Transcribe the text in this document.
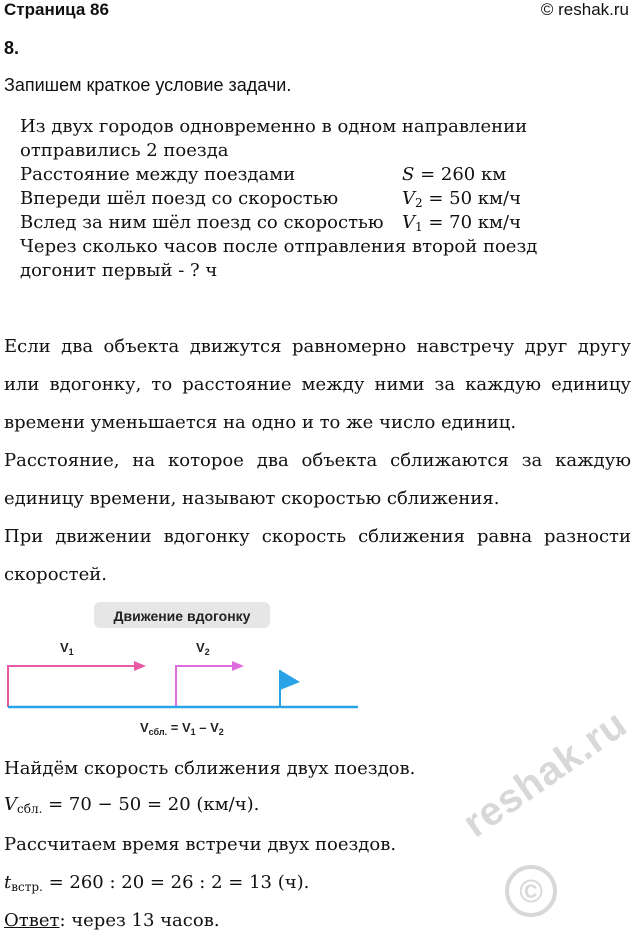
Страница 86	© reshak.ru
8.
Запишем краткое условие задачи.
Из двух городов одновременно в одном направлении
отправились 2 поезда
Расстояние между поездами	S = 260 км
Впереди шёл поезд со скоростью	$V_2 = 50$ км/ч
Вслед за ним шёл поезд со скоростью $V_1 = 70$ км/ч
Через сколько часов после отправления второй поезд
догонит первый - ? ч
Если два объекта движутся равномерно навстречу друг другу или вдогонку, то расстояние между ними за каждую единицу времени уменьшается на одно и то же число единиц.
Расстояние, на которое два объекта сближаются за каждую единицу времени, называют скоростью сближения.
При движении вдогонку скорость сближения равна разности скоростей.
Движение вдогонку
$V_1$	$V_2$
$V_{сбл.} = V_1 - V_2$
Найдём скорость сближения двух поездов.
$V_{сбл.} = 70 - 50 = 20$ (км/ч).
Рассчитаем время встречи двух поездов.
$t_{встр.} = 260$ : 20 = 26 : 2 = 13 (ч).
Ответ: через 13 часов.
reshak.ru
©
